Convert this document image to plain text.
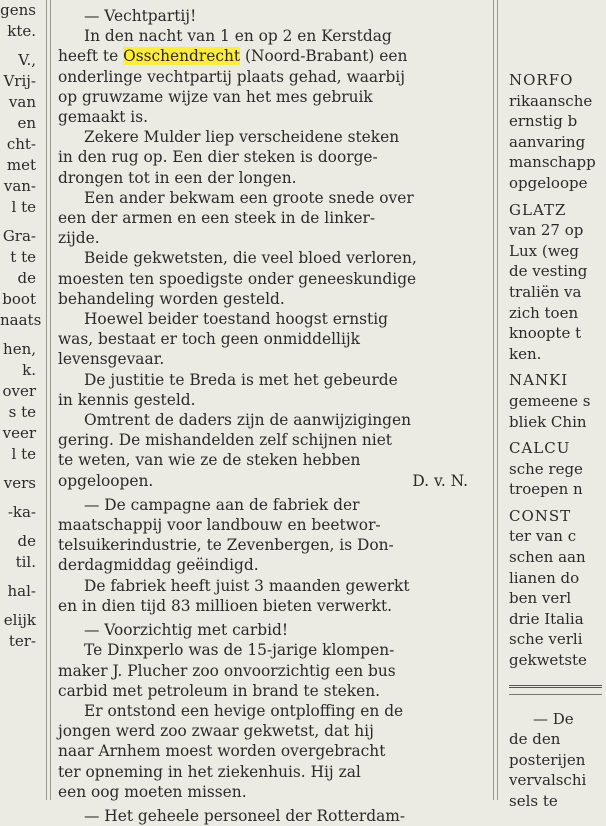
gens
kte.
V.,
Vrij-
van
en
cht-
met
van-
l te
Gra-
t te
de
boot
naats
hen,
k.
over
s te
veer
l te
vers
-ka-
de
til.
hal-
elijk
ter-
— Vechtpartij!
In den nacht van 1 en op 2 en Kerstdag
heeft te Osschendrecht (Noord-Brabant) een
onderlinge vechtpartij plaats gehad, waarbij
op gruwzame wijze van het mes gebruik
gemaakt is.
Zekere Mulder liep verscheidene steken
in den rug op. Een dier steken is doorge-
drongen tot in een der longen.
Een ander bekwam een groote snede over
een der armen en een steek in de linker-
zijde.
Beide gekwetsten, die veel bloed verloren,
moesten ten spoedigste onder geneeskundige
behandeling worden gesteld.
Hoewel beider toestand hoogst ernstig
was, bestaat er toch geen onmiddellijk
levensgevaar.
De justitie te Breda is met het gebeurde
in kennis gesteld.
Omtrent de daders zijn de aanwijzigingen
gering. De mishandelden zelf schijnen niet
te weten, van wie ze de steken hebben
opgeloopen.	D. v. N.
— De campagne aan de fabriek der
maatschappij voor landbouw en beetwor-
telsuikerindustrie, te Zevenbergen, is Don-
derdagmiddag geëindigd.
De fabriek heeft juist 3 maanden gewerkt
en in dien tijd 83 millioen bieten verwerkt.
— Voorzichtig met carbid!
Te Dinxperlo was de 15-jarige klompen-
maker J. Plucher zoo onvoorzichtig een bus
carbid met petroleum in brand te steken.
Er ontstond een hevige ontploffing en de
jongen werd zoo zwaar gekwetst, dat hij
naar Arnhem moest worden overgebracht
ter opneming in het ziekenhuis. Hij zal
een oog moeten missen.
— Het geheele personeel der Rotterdam-
NORFO
rikaansche
ernstig b
aanvaring
manschapp
opgeloope
GLATZ
van 27 op
Lux (weg
de vesting
traliën va
zich toen
knoopte t
ken.
NANKI
gemeene s
bliek Chin
CALCU
sche rege
troepen n
CONST
ter van c
schen aan
lianen do
ben verl
drie Italia
sche verli
gekwetste
— De
de den
posterijen
vervalschi
sels te
